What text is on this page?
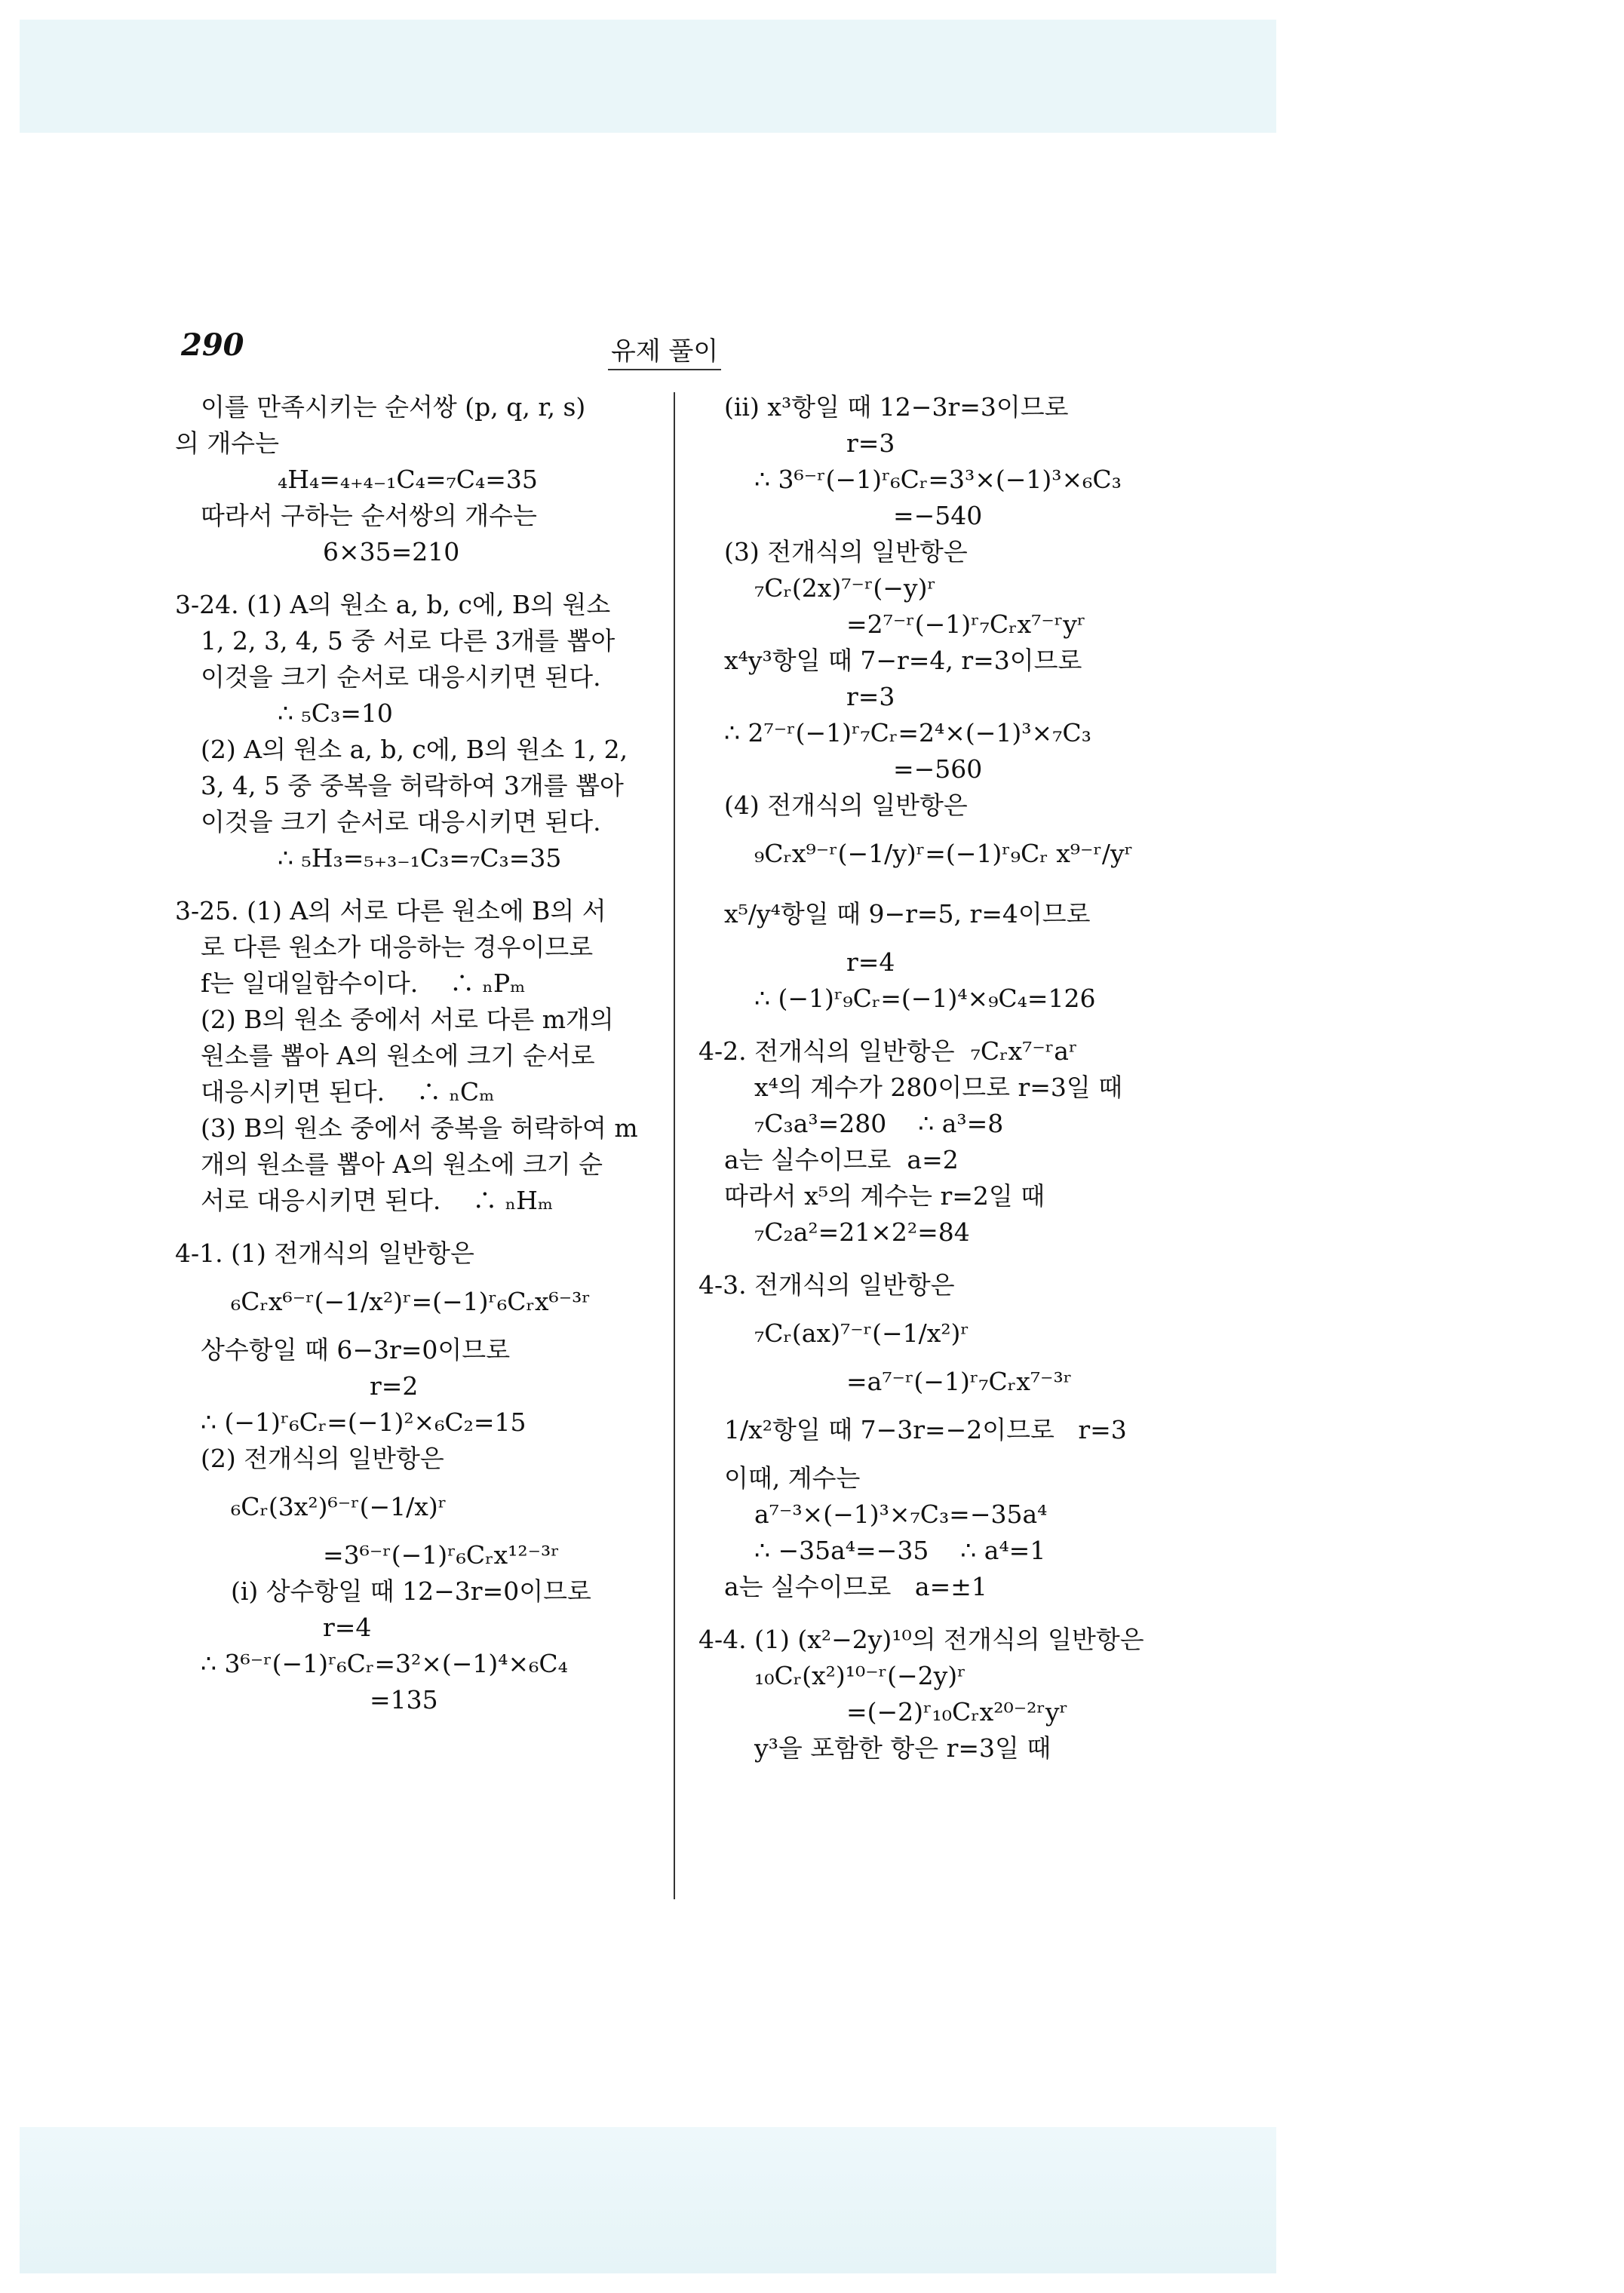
290	유제 풀이
이를 만족시키는 순서쌍 (p, q, r, s)
의 개수는
₄H₄=₄₊₄₋₁C₄=₇C₄=35
따라서 구하는 순서쌍의 개수는
6×35=210
3-24. (1) A의 원소 a, b, c에, B의 원소
1, 2, 3, 4, 5 중 서로 다른 3개를 뽑아
이것을 크기 순서로 대응시키면 된다.
∴ ₅C₃=10
(2) A의 원소 a, b, c에, B의 원소 1, 2,
3, 4, 5 중 중복을 허락하여 3개를 뽑아
이것을 크기 순서로 대응시키면 된다.
∴ ₅H₃=₅₊₃₋₁C₃=₇C₃=35
3-25. (1) A의 서로 다른 원소에 B의 서
로 다른 원소가 대응하는 경우이므로
f는 일대일함수이다.    ∴ ₙPₘ
(2) B의 원소 중에서 서로 다른 m개의
원소를 뽑아 A의 원소에 크기 순서로
대응시키면 된다.    ∴ ₙCₘ
(3) B의 원소 중에서 중복을 허락하여 m
개의 원소를 뽑아 A의 원소에 크기 순
서로 대응시키면 된다.    ∴ ₙHₘ
4-1. (1) 전개식의 일반항은
₆Cᵣx⁶⁻ʳ(−1/x²)ʳ=(−1)ʳ₆Cᵣx⁶⁻³ʳ
상수항일 때 6−3r=0이므로
r=2
∴ (−1)ʳ₆Cᵣ=(−1)²×₆C₂=15
(2) 전개식의 일반항은
₆Cᵣ(3x²)⁶⁻ʳ(−1/x)ʳ
=3⁶⁻ʳ(−1)ʳ₆Cᵣx¹²⁻³ʳ
(i) 상수항일 때 12−3r=0이므로
r=4
∴ 3⁶⁻ʳ(−1)ʳ₆Cᵣ=3²×(−1)⁴×₆C₄
=135
(ii) x³항일 때 12−3r=3이므로
r=3
∴ 3⁶⁻ʳ(−1)ʳ₆Cᵣ=3³×(−1)³×₆C₃
=−540
(3) 전개식의 일반항은
₇Cᵣ(2x)⁷⁻ʳ(−y)ʳ
=2⁷⁻ʳ(−1)ʳ₇Cᵣx⁷⁻ʳyʳ
x⁴y³항일 때 7−r=4, r=3이므로
r=3
∴ 2⁷⁻ʳ(−1)ʳ₇Cᵣ=2⁴×(−1)³×₇C₃
=−560
(4) 전개식의 일반항은
₉Cᵣx⁹⁻ʳ(−1/y)ʳ=(−1)ʳ₉Cᵣ x⁹⁻ʳ/yʳ
x⁵/y⁴항일 때 9−r=5, r=4이므로
r=4
∴ (−1)ʳ₉Cᵣ=(−1)⁴×₉C₄=126
4-2. 전개식의 일반항은  ₇Cᵣx⁷⁻ʳaʳ
x⁴의 계수가 280이므로 r=3일 때
₇C₃a³=280    ∴ a³=8
a는 실수이므로  a=2
따라서 x⁵의 계수는 r=2일 때
₇C₂a²=21×2²=84
4-3. 전개식의 일반항은
₇Cᵣ(ax)⁷⁻ʳ(−1/x²)ʳ
=a⁷⁻ʳ(−1)ʳ₇Cᵣx⁷⁻³ʳ
1/x²항일 때 7−3r=−2이므로   r=3
이때, 계수는
a⁷⁻³×(−1)³×₇C₃=−35a⁴
∴ −35a⁴=−35    ∴ a⁴=1
a는 실수이므로   a=±1
4-4. (1) (x²−2y)¹⁰의 전개식의 일반항은
₁₀Cᵣ(x²)¹⁰⁻ʳ(−2y)ʳ
=(−2)ʳ₁₀Cᵣx²⁰⁻²ʳyʳ
y³을 포함한 항은 r=3일 때
